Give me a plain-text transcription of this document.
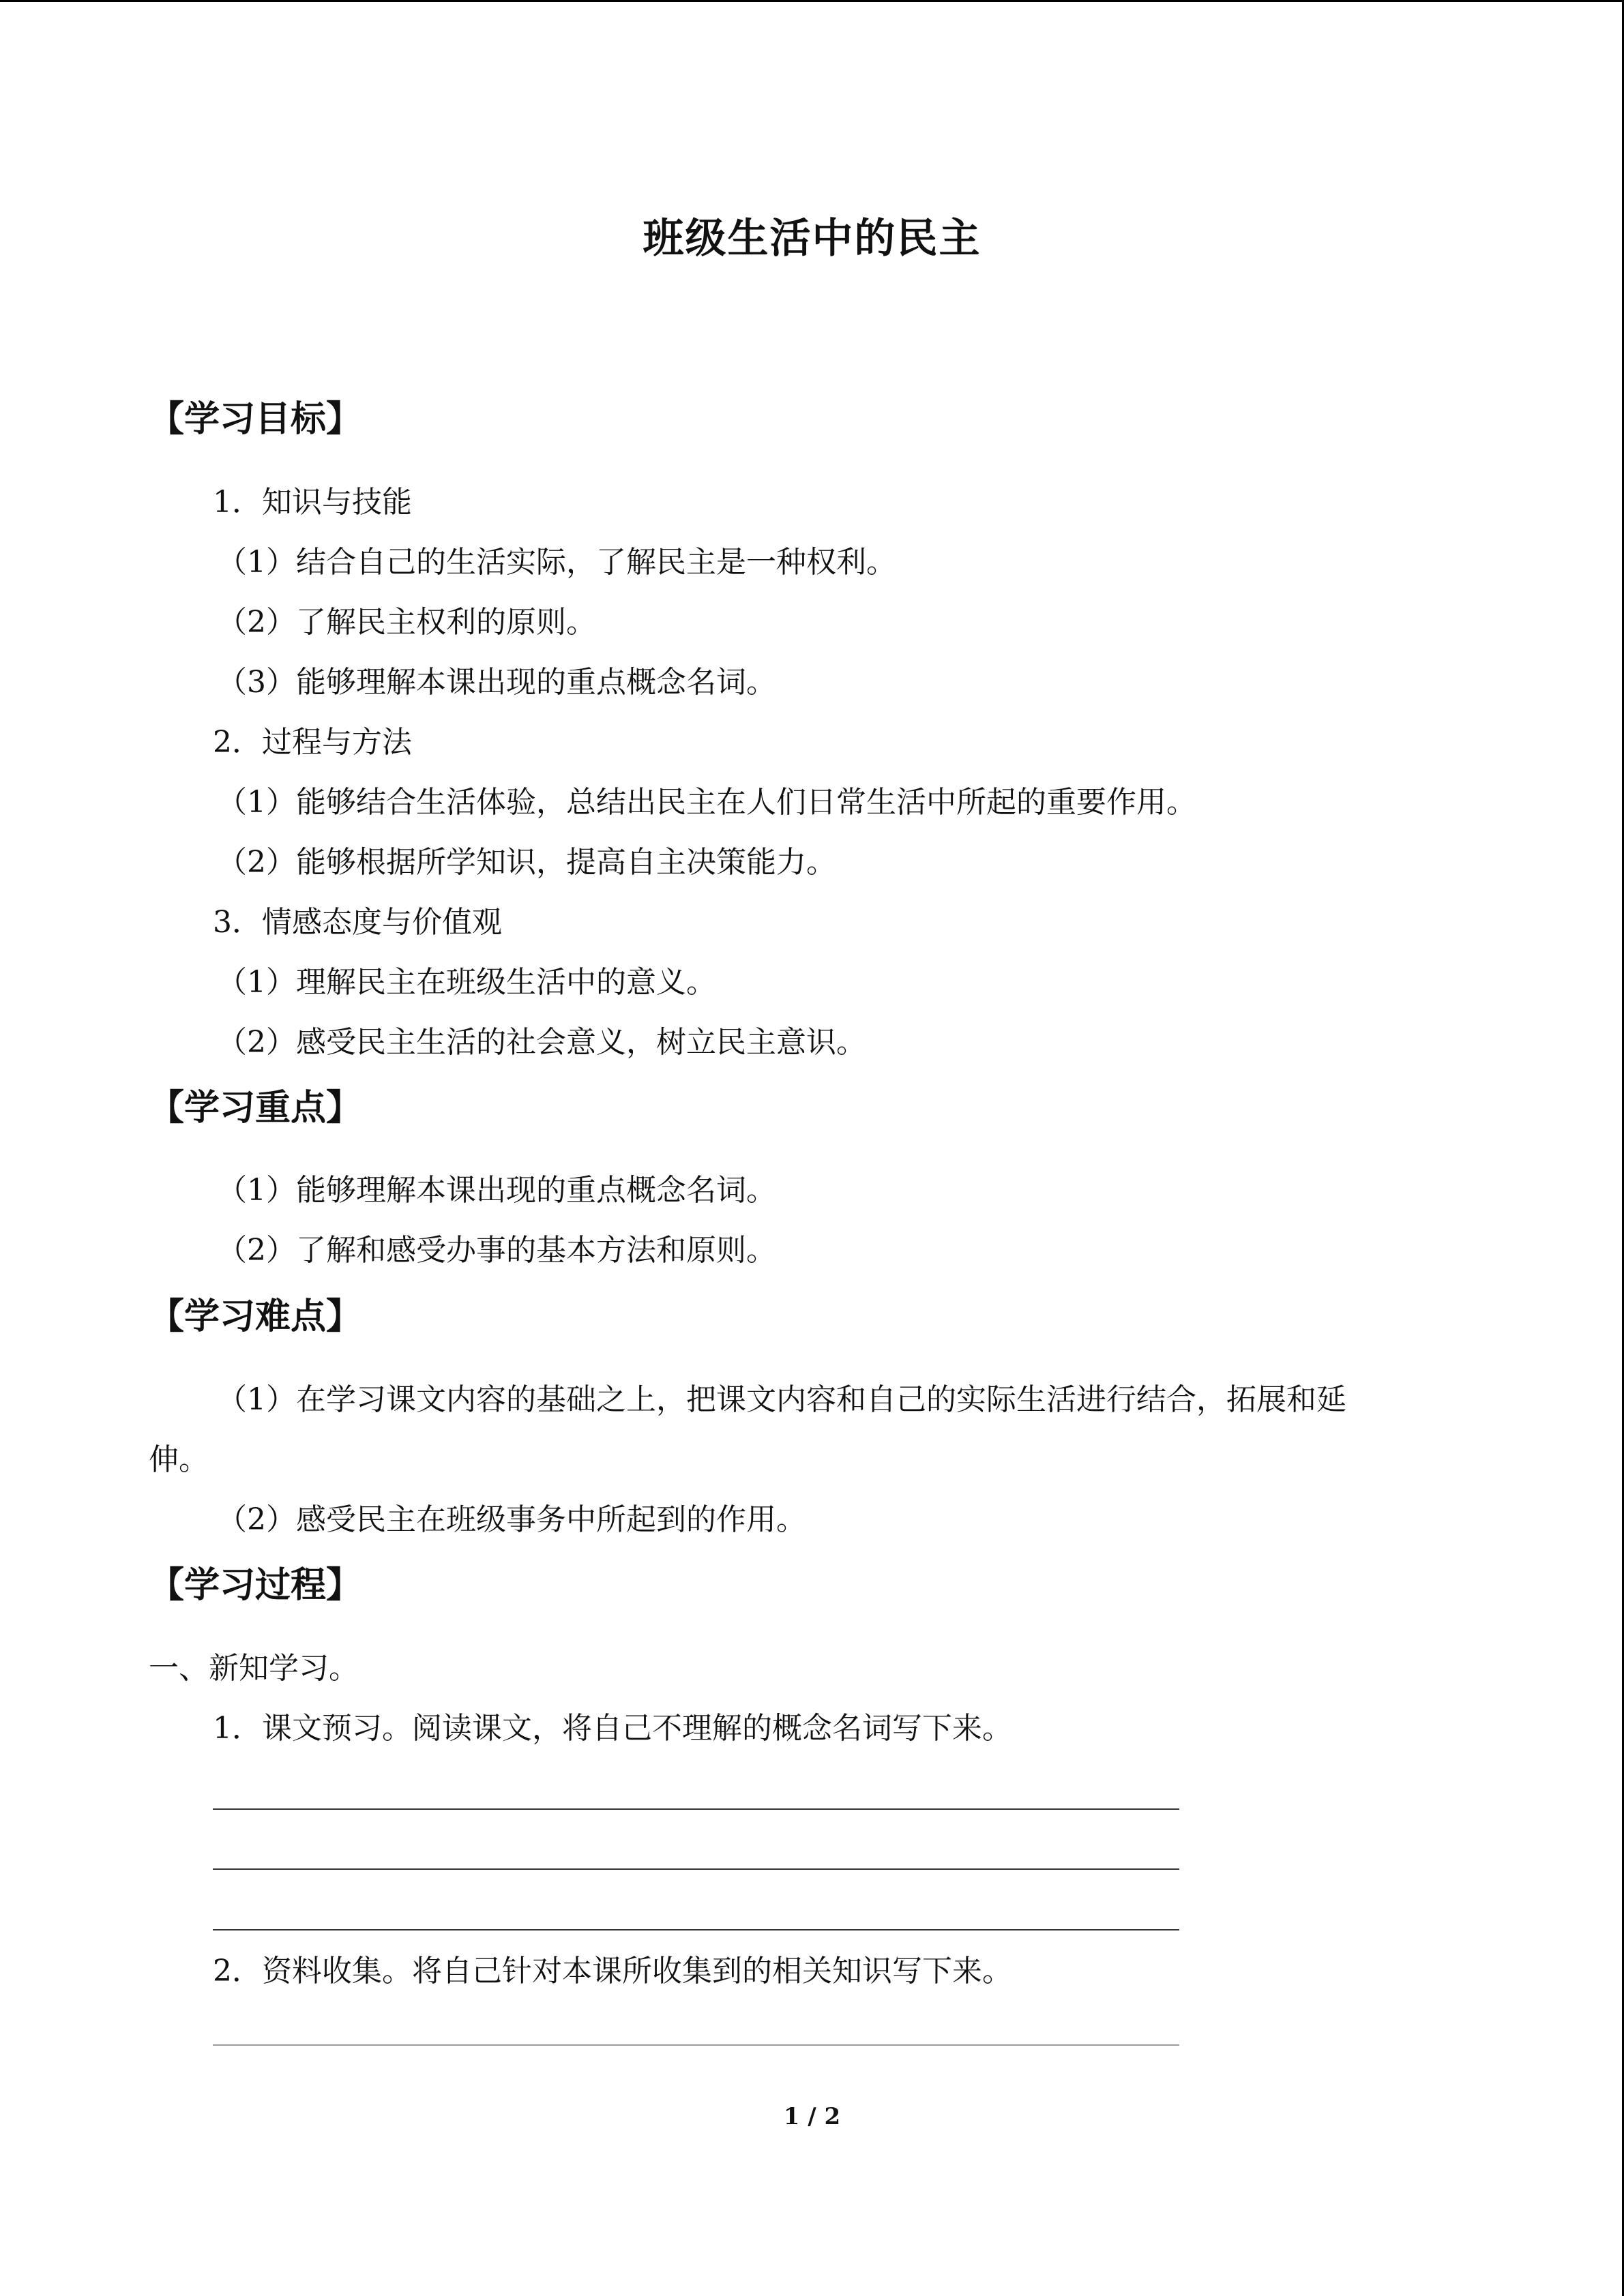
班级生活中的民主
【学习目标】
1．知识与技能
（1）结合自己的生活实际，了解民主是一种权利。
（2）了解民主权利的原则。
（3）能够理解本课出现的重点概念名词。
2．过程与方法
（1）能够结合生活体验，总结出民主在人们日常生活中所起的重要作用。
（2）能够根据所学知识，提高自主决策能力。
3．情感态度与价值观
（1）理解民主在班级生活中的意义。
（2）感受民主生活的社会意义，树立民主意识。
【学习重点】
（1）能够理解本课出现的重点概念名词。
（2）了解和感受办事的基本方法和原则。
【学习难点】
（1）在学习课文内容的基础之上，把课文内容和自己的实际生活进行结合，拓展和延
伸。
（2）感受民主在班级事务中所起到的作用。
【学习过程】
一、新知学习。
1．课文预习。阅读课文，将自己不理解的概念名词写下来。
2．资料收集。将自己针对本课所收集到的相关知识写下来。
1 / 2
